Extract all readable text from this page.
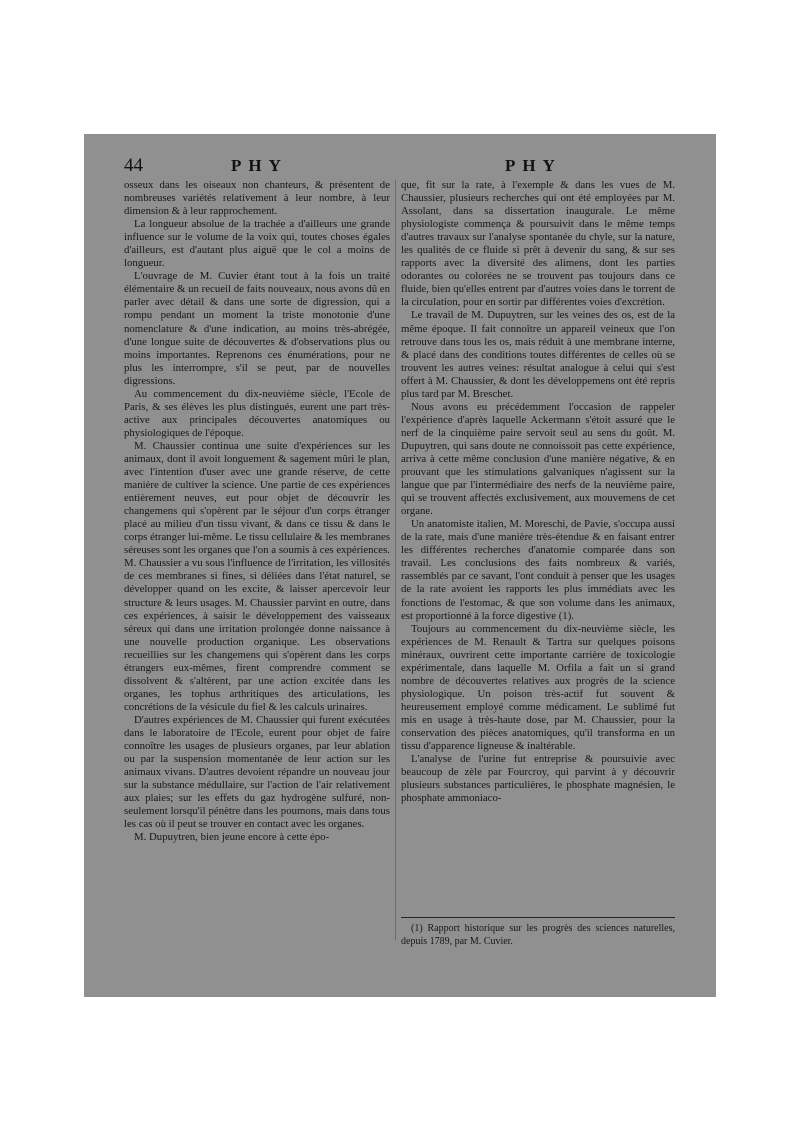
44	PHY	PHY

osseux dans les oiseaux non chanteurs, & présentent de nombreuses variétés relativement à leur nombre, à leur dimension & à leur rapprochement.

La longueur absolue de la trachée a d'ailleurs une grande influence sur le volume de la voix qui, toutes choses égales d'ailleurs, est d'autant plus aiguë que le col a moins de longueur.

L'ouvrage de M. Cuvier étant tout à la fois un traité élémentaire & un recueil de faits nouveaux, nous avons dû en parler avec détail & dans une sorte de digression, qui a rompu pendant un moment la triste monotonie d'une nomenclature & d'une indication, au moins très-abrégée, d'une longue suite de découvertes & d'observations plus ou moins importantes. Reprenons ces énumérations, pour ne plus les interrompre, s'il se peut, par de nouvelles digressions.

Au commencement du dix-neuvième siècle, l'Ecole de Paris, & ses élèves les plus distingués, eurent une part très-active aux principales découvertes anatomiques ou physiologiques de l'époque.

M. Chaussier continua une suite d'expériences sur les animaux, dont il avoit longuement & sagement mûri le plan, avec l'intention d'user avec une grande réserve, de cette manière de cultiver la science. Une partie de ces expériences entièrement neuves, eut pour objet de découvrir les changemens qui s'opèrent par le séjour d'un corps étranger placé au milieu d'un tissu vivant, & dans ce tissu & dans le corps étranger lui-même. Le tissu cellulaire & les membranes séreuses sont les organes que l'on a soumis à ces expériences. M. Chaussier a vu sous l'influence de l'irritation, les villosités de ces membranes si fines, si déliées dans l'état naturel, se développer quand on les excite, & laisser apercevoir leur structure & leurs usages. M. Chaussier parvint en outre, dans ces expériences, à saisir le développement des vaisseaux séreux qui dans une irritation prolongée donne naissance à une nouvelle production organique. Les observations recueillies sur les changemens qui s'opèrent dans les corps étrangers eux-mêmes, firent comprendre comment se dissolvent & s'altèrent, par une action excitée dans les organes, les tophus arthritiques des articulations, les concrétions de la vésicule du fiel & les calculs urinaires.

D'autres expériences de M. Chaussier qui furent exécutées dans le laboratoire de l'Ecole, eurent pour objet de faire connoître les usages de plusieurs organes, par leur ablation ou par la suspension momentanée de leur action sur les animaux vivans. D'autres devoient répandre un nouveau jour sur la substance médullaire, sur l'action de l'air relativement aux plaies; sur les effets du gaz hydrogène sulfuré, non-seulement lorsqu'il pénètre dans les poumons, mais dans tous les cas où il peut se trouver en contact avec les organes.

M. Dupuytren, bien jeune encore à cette épo-

que, fit sur la rate, à l'exemple & dans les vues de M. Chaussier, plusieurs recherches qui ont été employées par M. Assolant, dans sa dissertation inaugurale. Le même physiologiste commença & poursuivit dans le même temps d'autres travaux sur l'analyse spontanée du chyle, sur la nature, les qualités de ce fluide si prêt à devenir du sang, & sur ses rapports avec la diversité des alimens, dont les parties odorantes ou colorées ne se trouvent pas toujours dans ce fluide, bien qu'elles entrent par d'autres voies dans le torrent de la circulation, pour en sortir par différentes voies d'excrétion.

Le travail de M. Dupuytren, sur les veines des os, est de la même époque. Il fait connoître un appareil veineux que l'on retrouve dans tous les os, mais réduit à une membrane interne, & placé dans des conditions toutes différentes de celles où se trouvent les autres veines: résultat analogue à celui qui s'est offert à M. Chaussier, & dont les développemens ont été repris plus tard par M. Breschet.

Nous avons eu précédemment l'occasion de rappeler l'expérience d'après laquelle Ackermann s'étoit assuré que le nerf de la cinquième paire servoit seul au sens du goût. M. Dupuytren, qui sans doute ne connoissoit pas cette expérience, arriva à cette même conclusion d'une manière négative, & en prouvant que les stimulations galvaniques n'agissent sur la langue que par l'intermédiaire des nerfs de la neuvième paire, qui se trouvent affectés exclusivement, aux mouvemens de cet organe.

Un anatomiste italien, M. Moreschi, de Pavie, s'occupa aussi de la rate, mais d'une manière très-étendue & en faisant entrer les différentes recherches d'anatomie comparée dans son travail. Les conclusions des faits nombreux & variés, rassemblés par ce savant, l'ont conduit à penser que les usages de la rate avoient les rapports les plus immédiats avec les fonctions de l'estomac, & que son volume dans les animaux, est proportionné à la force digestive (1).

Toujours au commencement du dix-neuvième siècle, les expériences de M. Renault & Tartra sur quelques poisons minéraux, ouvrirent cette importante carrière de toxicologie expérimentale, dans laquelle M. Orfila a fait un si grand nombre de découvertes relatives aux progrès de la science physiologique. Un poison très-actif fut souvent & heureusement employé comme médicament. Le sublimé fut mis en usage à très-haute dose, par M. Chaussier, pour la conservation des pièces anatomiques, qu'il transforma en un tissu d'apparence ligneuse & inaltérable.

L'analyse de l'urine fut entreprise & poursuivie avec beaucoup de zèle par Fourcroy, qui parvint à y découvrir plusieurs substances particulières, le phosphate magnésien, le phosphate ammoniaco-

(1) Rapport historique sur les progrès des sciences naturelles, depuis 1789, par M. Cuvier.
